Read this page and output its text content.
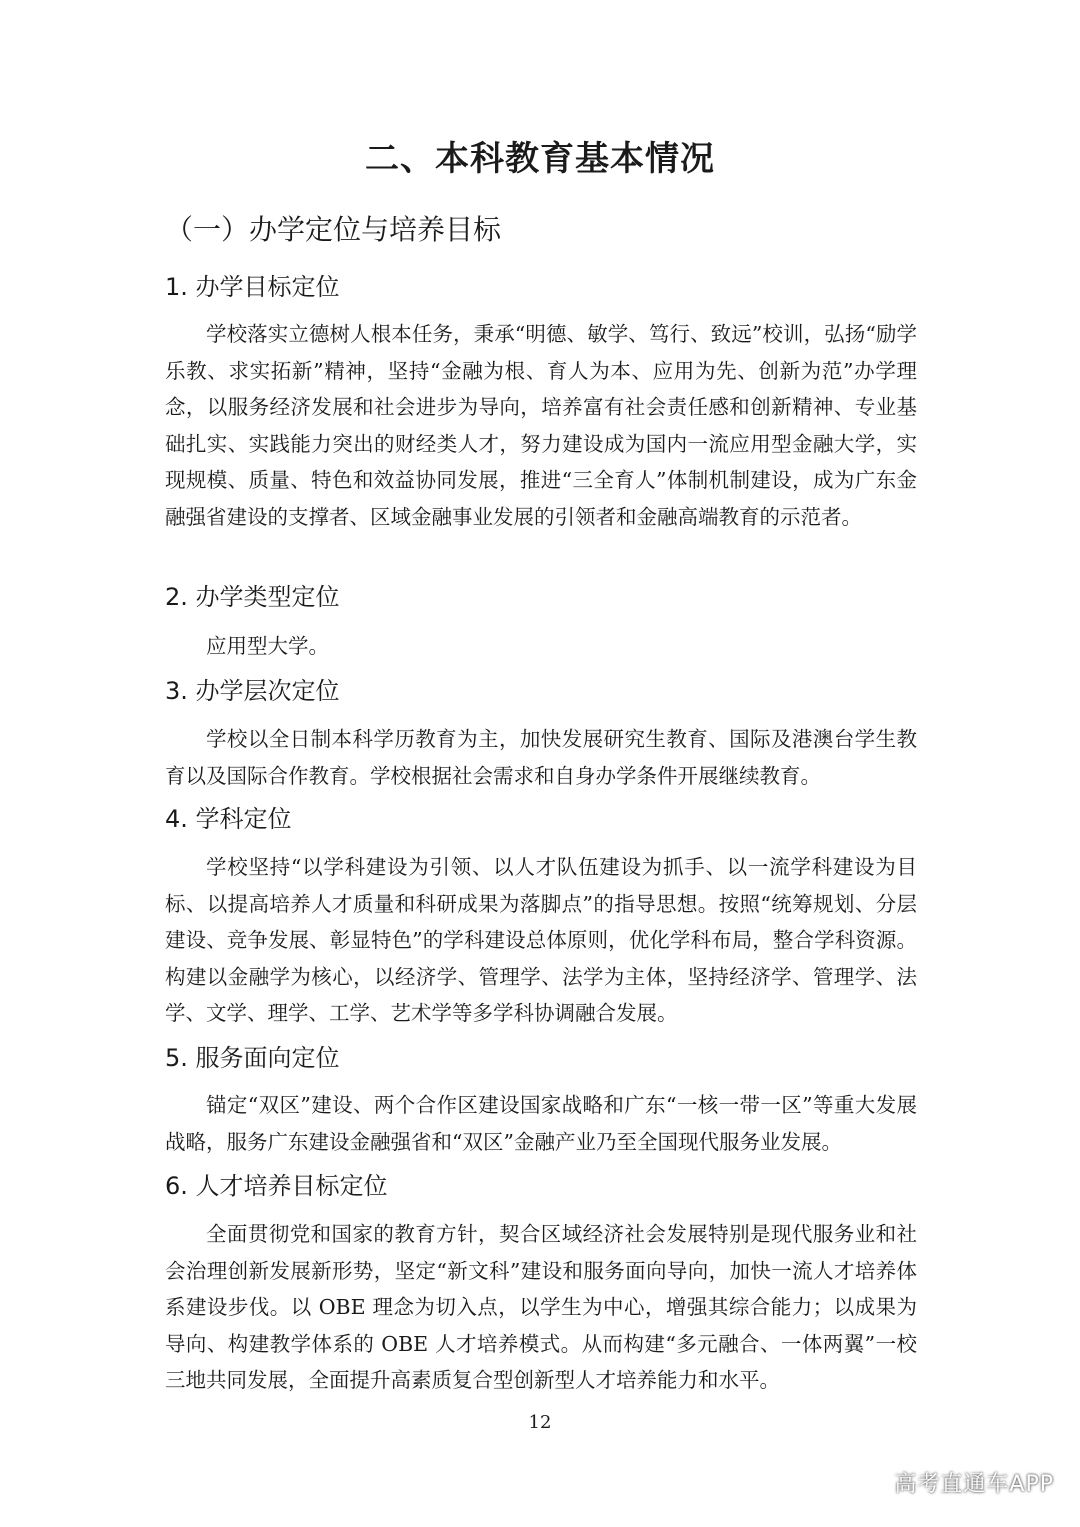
二、本科教育基本情况
（一）办学定位与培养目标
1. 办学目标定位

学校落实立德树人根本任务，秉承“明德、敏学、笃行、致远”校训，弘扬“励学乐教、求实拓新”精神，坚持“金融为根、育人为本、应用为先、创新为范”办学理念，以服务经济发展和社会进步为导向，培养富有社会责任感和创新精神、专业基础扎实、实践能力突出的财经类人才，努力建设成为国内一流应用型金融大学，实现规模、质量、特色和效益协同发展，推进“三全育人”体制机制建设，成为广东金融强省建设的支撑者、区域金融事业发展的引领者和金融高端教育的示范者。

2. 办学类型定位

应用型大学。

3. 办学层次定位

学校以全日制本科学历教育为主，加快发展研究生教育、国际及港澳台学生教育以及国际合作教育。学校根据社会需求和自身办学条件开展继续教育。

4. 学科定位

学校坚持“以学科建设为引领、以人才队伍建设为抓手、以一流学科建设为目标、以提高培养人才质量和科研成果为落脚点”的指导思想。按照“统筹规划、分层建设、竞争发展、彰显特色”的学科建设总体原则，优化学科布局，整合学科资源。构建以金融学为核心，以经济学、管理学、法学为主体，坚持经济学、管理学、法学、文学、理学、工学、艺术学等多学科协调融合发展。

5. 服务面向定位

锚定“双区”建设、两个合作区建设国家战略和广东“一核一带一区”等重大发展战略，服务广东建设金融强省和“双区”金融产业乃至全国现代服务业发展。

6. 人才培养目标定位

全面贯彻党和国家的教育方针，契合区域经济社会发展特别是现代服务业和社会治理创新发展新形势，坚定“新文科”建设和服务面向导向，加快一流人才培养体系建设步伐。以 OBE 理念为切入点，以学生为中心，增强其综合能力；以成果为导向、构建教学体系的 OBE 人才培养模式。从而构建“多元融合、一体两翼”一校三地共同发展，全面提升高素质复合型创新型人才培养能力和水平。

12
高考直通车APP
